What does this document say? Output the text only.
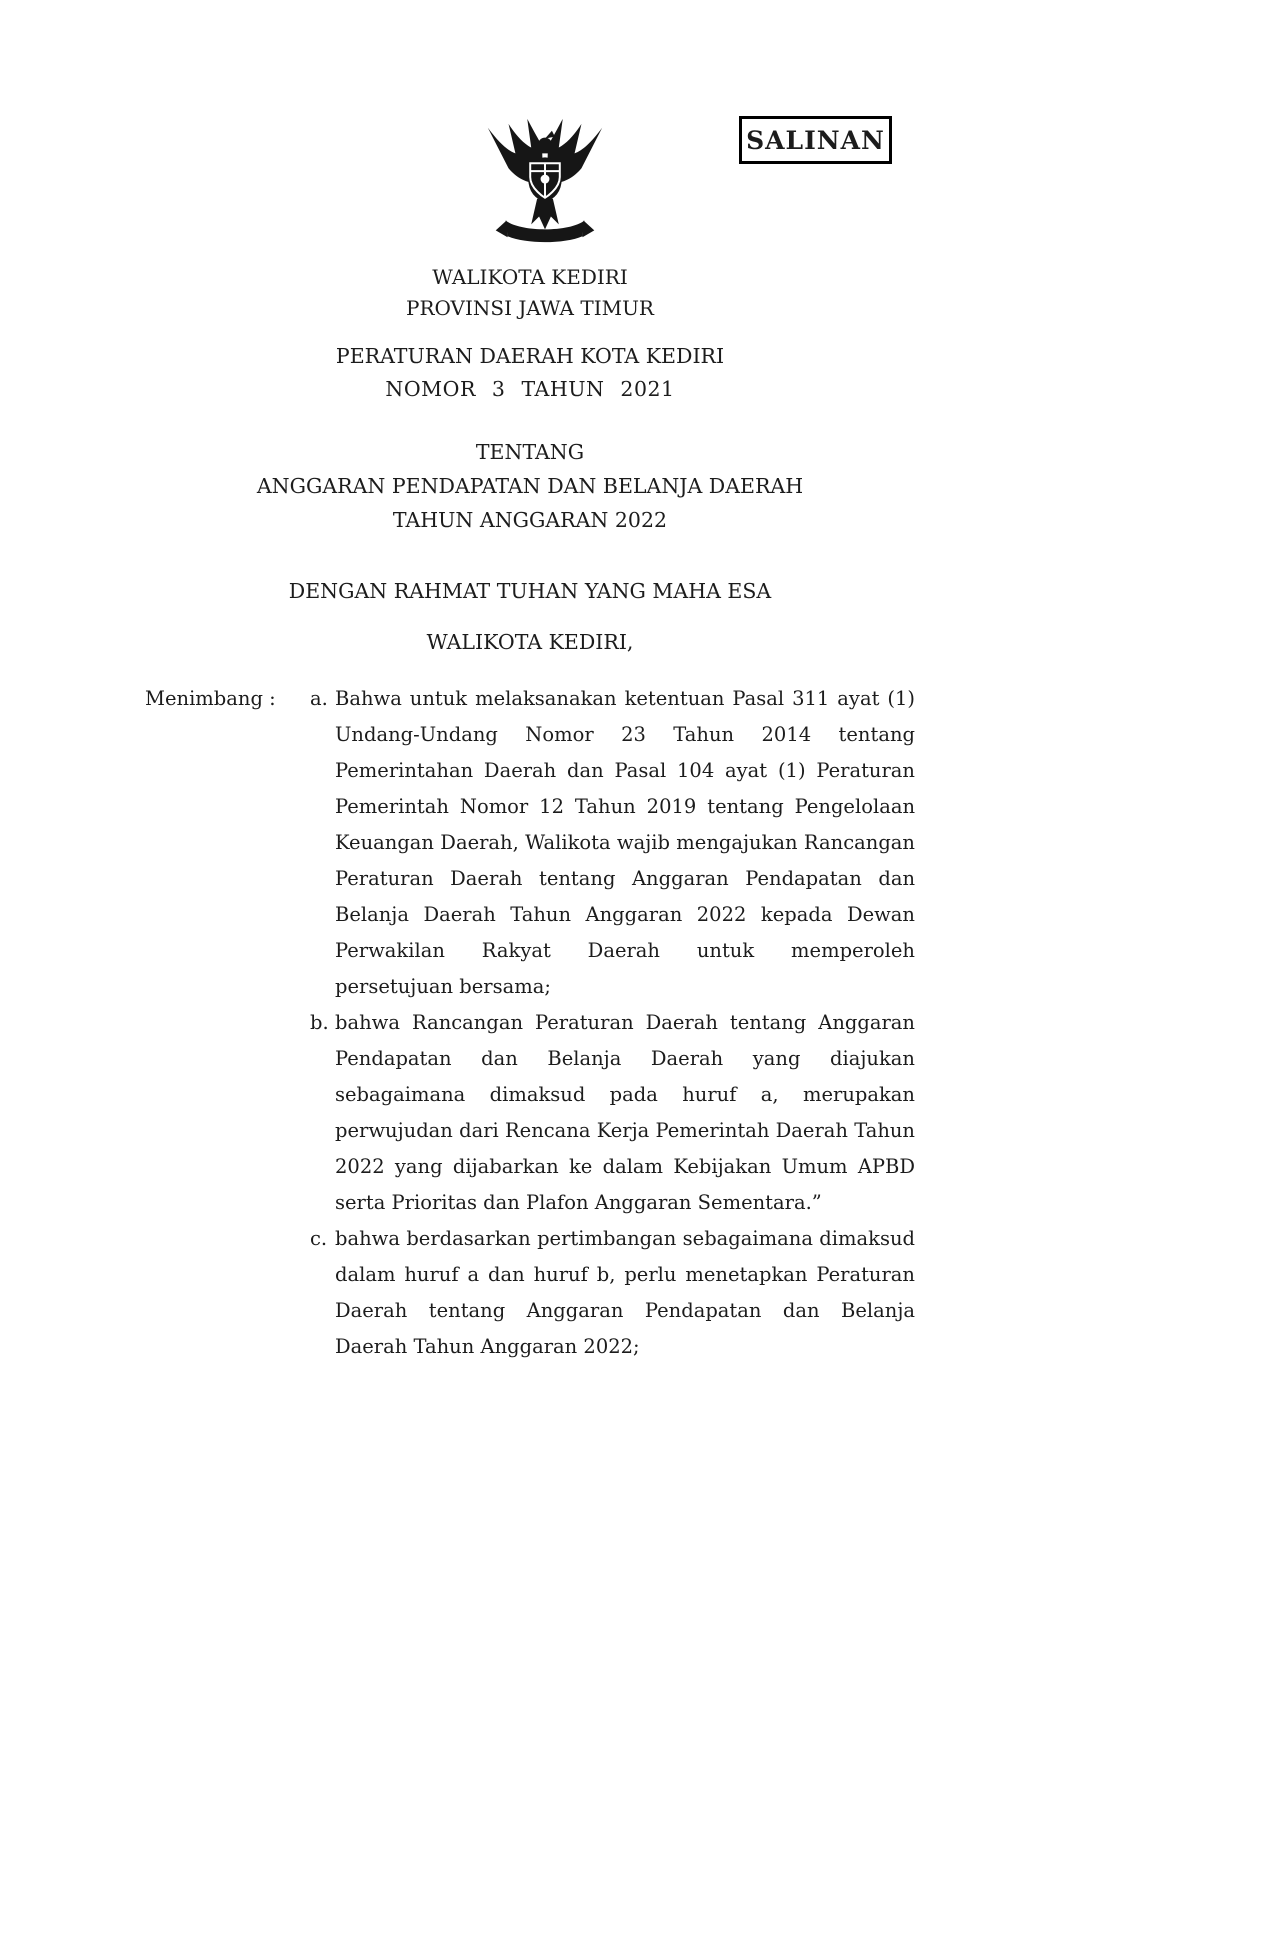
SALINAN
WALIKOTA KEDIRI
PROVINSI JAWA TIMUR
PERATURAN DAERAH KOTA KEDIRI
NOMOR 3 TAHUN 2021
TENTANG
ANGGARAN PENDAPATAN DAN BELANJA DAERAH
TAHUN ANGGARAN 2022
DENGAN RAHMAT TUHAN YANG MAHA ESA
WALIKOTA KEDIRI,
Menimbang :	a. Bahwa untuk melaksanakan ketentuan Pasal 311 ayat (1) Undang-Undang Nomor 23 Tahun 2014 tentang Pemerintahan Daerah dan Pasal 104 ayat (1) Peraturan Pemerintah Nomor 12 Tahun 2019 tentang Pengelolaan Keuangan Daerah, Walikota wajib mengajukan Rancangan Peraturan Daerah tentang Anggaran Pendapatan dan Belanja Daerah Tahun Anggaran 2022 kepada Dewan Perwakilan Rakyat Daerah untuk memperoleh persetujuan bersama;
b. bahwa Rancangan Peraturan Daerah tentang Anggaran Pendapatan dan Belanja Daerah yang diajukan sebagaimana dimaksud pada huruf a, merupakan perwujudan dari Rencana Kerja Pemerintah Daerah Tahun 2022 yang dijabarkan ke dalam Kebijakan Umum APBD serta Prioritas dan Plafon Anggaran Sementara.”
c. bahwa berdasarkan pertimbangan sebagaimana dimaksud dalam huruf a dan huruf b, perlu menetapkan Peraturan Daerah tentang Anggaran Pendapatan dan Belanja Daerah Tahun Anggaran 2022;
